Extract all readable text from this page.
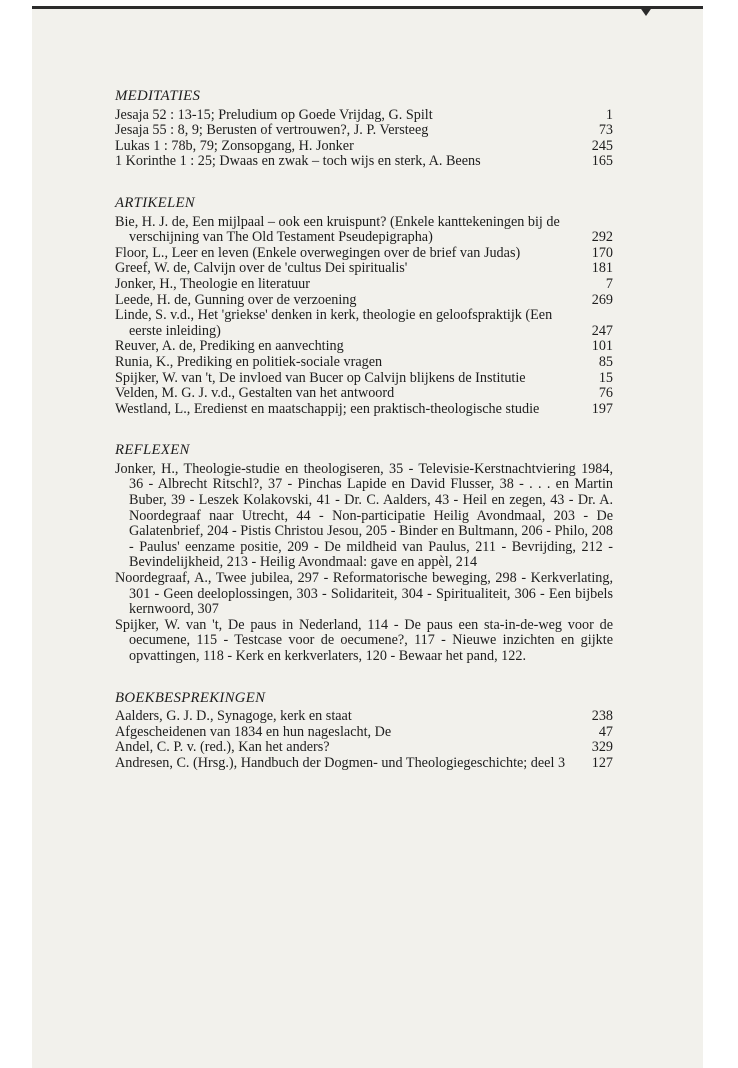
MEDITATIES
Jesaja 52 : 13-15; Preludium op Goede Vrijdag, G. Spilt	1
Jesaja 55 : 8, 9; Berusten of vertrouwen?, J. P. Versteeg	73
Lukas 1 : 78b, 79; Zonsopgang, H. Jonker	245
1 Korinthe 1 : 25; Dwaas en zwak – toch wijs en sterk, A. Beens	165
ARTIKELEN
Bie, H. J. de, Een mijlpaal – ook een kruispunt? (Enkele kanttekeningen bij de verschijning van The Old Testament Pseudepigrapha)	292
Floor, L., Leer en leven (Enkele overwegingen over de brief van Judas)	170
Greef, W. de, Calvijn over de 'cultus Dei spiritualis'	181
Jonker, H., Theologie en literatuur	7
Leede, H. de, Gunning over de verzoening	269
Linde, S. v.d., Het 'griekse' denken in kerk, theologie en geloofspraktijk (Een eerste inleiding)	247
Reuver, A. de, Prediking en aanvechting	101
Runia, K., Prediking en politiek-sociale vragen	85
Spijker, W. van 't, De invloed van Bucer op Calvijn blijkens de Institutie	15
Velden, M. G. J. v.d., Gestalten van het antwoord	76
Westland, L., Eredienst en maatschappij; een praktisch-theologische studie	197
REFLEXEN
Jonker, H., Theologie-studie en theologiseren, 35 - Televisie-Kerstnachtviering 1984, 36 - Albrecht Ritschl?, 37 - Pinchas Lapide en David Flusser, 38 - . . . en Martin Buber, 39 - Leszek Kolakovski, 41 - Dr. C. Aalders, 43 - Heil en zegen, 43 - Dr. A. Noordegraaf naar Utrecht, 44 - Non-participatie Heilig Avondmaal, 203 - De Galatenbrief, 204 - Pistis Christou Jesou, 205 - Binder en Bultmann, 206 - Philo, 208 - Paulus' eenzame positie, 209 - De mildheid van Paulus, 211 - Bevrijding, 212 - Bevindelijkheid, 213 - Heilig Avondmaal: gave en appèl, 214
Noordegraaf, A., Twee jubilea, 297 - Reformatorische beweging, 298 - Kerkverlating, 301 - Geen deeloplossingen, 303 - Solidariteit, 304 - Spiritualiteit, 306 - Een bijbels kernwoord, 307
Spijker, W. van 't, De paus in Nederland, 114 - De paus een sta-in-de-weg voor de oecumene, 115 - Testcase voor de oecumene?, 117 - Nieuwe inzichten en gijkte opvattingen, 118 - Kerk en kerkverlaters, 120 - Bewaar het pand, 122.
BOEKBESPREKINGEN
Aalders, G. J. D., Synagoge, kerk en staat	238
Afgescheidenen van 1834 en hun nageslacht, De	47
Andel, C. P. v. (red.), Kan het anders?	329
Andresen, C. (Hrsg.), Handbuch der Dogmen- und Theologiegeschichte; deel 3	127
